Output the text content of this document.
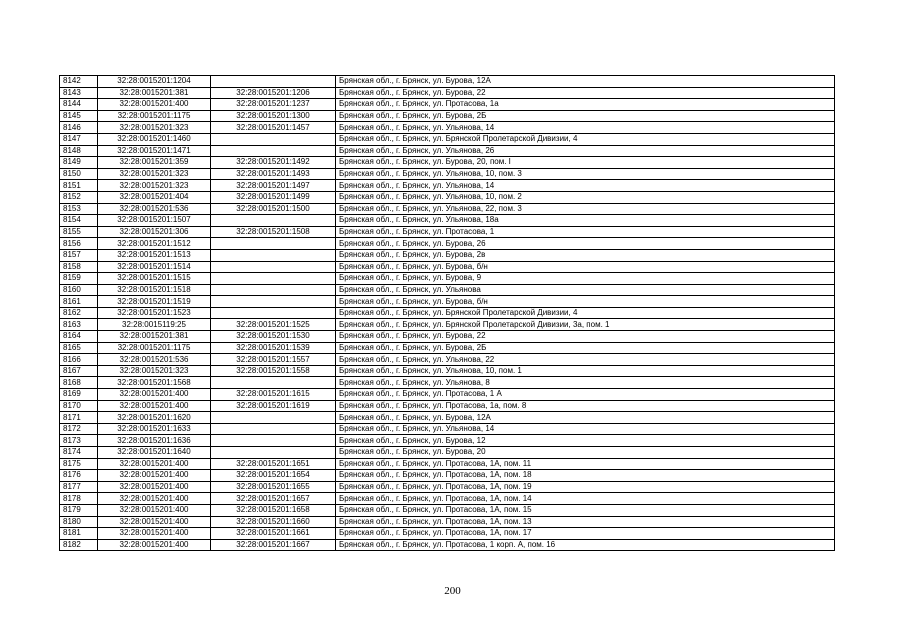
8142	32:28:0015201:1204		Брянская обл., г. Брянск, ул. Бурова, 12А
8143	32:28:0015201:381	32:28:0015201:1206	Брянская обл., г. Брянск, ул. Бурова, 22
8144	32:28:0015201:400	32:28:0015201:1237	Брянская обл., г. Брянск, ул. Протасова, 1а
8145	32:28:0015201:1175	32:28:0015201:1300	Брянская обл., г. Брянск, ул. Бурова, 2Б
8146	32:28:0015201:323	32:28:0015201:1457	Брянская обл., г. Брянск, ул. Ульянова, 14
8147	32:28:0015201:1460		Брянская обл., г. Брянск, ул. Брянской Пролетарской Дивизии, 4
8148	32:28:0015201:1471		Брянская обл., г. Брянск, ул. Ульянова, 26
8149	32:28:0015201:359	32:28:0015201:1492	Брянская обл., г. Брянск, ул. Бурова, 20, пом. I
8150	32:28:0015201:323	32:28:0015201:1493	Брянская обл., г. Брянск, ул. Ульянова, 10, пом. 3
8151	32:28:0015201:323	32:28:0015201:1497	Брянская обл., г. Брянск, ул. Ульянова, 14
8152	32:28:0015201:404	32:28:0015201:1499	Брянская обл., г. Брянск, ул. Ульянова, 10, пом. 2
8153	32:28:0015201:536	32:28:0015201:1500	Брянская обл., г. Брянск, ул. Ульянова, 22, пом. 3
8154	32:28:0015201:1507		Брянская обл., г. Брянск, ул. Ульянова, 18а
8155	32:28:0015201:306	32:28:0015201:1508	Брянская обл., г. Брянск, ул. Протасова, 1
8156	32:28:0015201:1512		Брянская обл., г. Брянск, ул. Бурова, 26
8157	32:28:0015201:1513		Брянская обл., г. Брянск, ул. Бурова, 2в
8158	32:28:0015201:1514		Брянская обл., г. Брянск, ул. Бурова, б/н
8159	32:28:0015201:1515		Брянская обл., г. Брянск, ул. Бурова, 9
8160	32:28:0015201:1518		Брянская обл., г. Брянск, ул. Ульянова
8161	32:28:0015201:1519		Брянская обл., г. Брянск, ул. Бурова, б/н
8162	32:28:0015201:1523		Брянская обл., г. Брянск, ул. Брянской Пролетарской Дивизии, 4
8163	32:28:0015119:25	32:28:0015201:1525	Брянская обл., г. Брянск, ул. Брянской Пролетарской Дивизии, 3а, пом. 1
8164	32:28:0015201:381	32:28:0015201:1530	Брянская обл., г. Брянск, ул. Бурова, 22
8165	32:28:0015201:1175	32:28:0015201:1539	Брянская обл., г. Брянск, ул. Бурова, 2Б
8166	32:28:0015201:536	32:28:0015201:1557	Брянская обл., г. Брянск, ул. Ульянова, 22
8167	32:28:0015201:323	32:28:0015201:1558	Брянская обл., г. Брянск, ул. Ульянова, 10, пом. 1
8168	32:28:0015201:1568		Брянская обл., г. Брянск, ул. Ульянова, 8
8169	32:28:0015201:400	32:28:0015201:1615	Брянская обл., г. Брянск, ул. Протасова, 1 А
8170	32:28:0015201:400	32:28:0015201:1619	Брянская обл., г. Брянск, ул. Протасова, 1а, пом. 8
8171	32:28:0015201:1620		Брянская обл., г. Брянск, ул. Бурова, 12А
8172	32:28:0015201:1633		Брянская обл., г. Брянск, ул. Ульянова, 14
8173	32:28:0015201:1636		Брянская обл., г. Брянск, ул. Бурова, 12
8174	32:28:0015201:1640		Брянская обл., г. Брянск, ул. Бурова, 20
8175	32:28:0015201:400	32:28:0015201:1651	Брянская обл., г. Брянск, ул. Протасова, 1А, пом. 11
8176	32:28:0015201:400	32:28:0015201:1654	Брянская обл., г. Брянск, ул. Протасова, 1А, пом. 18
8177	32:28:0015201:400	32:28:0015201:1655	Брянская обл., г. Брянск, ул. Протасова, 1А, пом. 19
8178	32:28:0015201:400	32:28:0015201:1657	Брянская обл., г. Брянск, ул. Протасова, 1А, пом. 14
8179	32:28:0015201:400	32:28:0015201:1658	Брянская обл., г. Брянск, ул. Протасова, 1А, пом. 15
8180	32:28:0015201:400	32:28:0015201:1660	Брянская обл., г. Брянск, ул. Протасова, 1А, пом. 13
8181	32:28:0015201:400	32:28:0015201:1661	Брянская обл., г. Брянск, ул. Протасова, 1А, пом. 17
8182	32:28:0015201:400	32:28:0015201:1667	Брянская обл., г. Брянск, ул. Протасова, 1 корп. А, пом. 16
200
